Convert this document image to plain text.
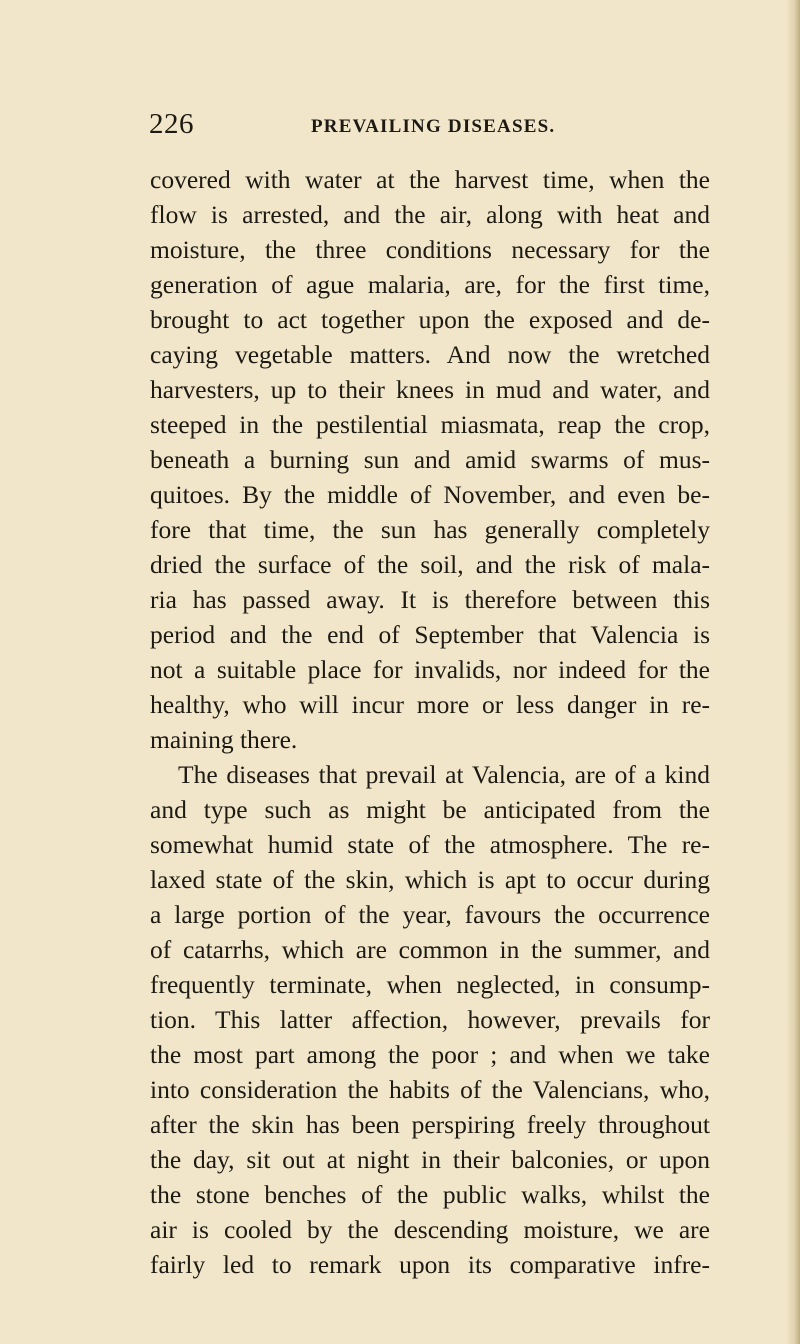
226	PREVAILING DISEASES.
covered with water at the harvest time, when the
flow is arrested, and the air, along with heat and
moisture, the three conditions necessary for the
generation of ague malaria, are, for the first time,
brought to act together upon the exposed and de-
caying vegetable matters. And now the wretched
harvesters, up to their knees in mud and water, and
steeped in the pestilential miasmata, reap the crop,
beneath a burning sun and amid swarms of mus-
quitoes. By the middle of November, and even be-
fore that time, the sun has generally completely
dried the surface of the soil, and the risk of mala-
ria has passed away. It is therefore between this
period and the end of September that Valencia is
not a suitable place for invalids, nor indeed for the
healthy, who will incur more or less danger in re-
maining there.
The diseases that prevail at Valencia, are of a kind
and type such as might be anticipated from the
somewhat humid state of the atmosphere. The re-
laxed state of the skin, which is apt to occur during
a large portion of the year, favours the occurrence
of catarrhs, which are common in the summer, and
frequently terminate, when neglected, in consump-
tion. This latter affection, however, prevails for
the most part among the poor ; and when we take
into consideration the habits of the Valencians, who,
after the skin has been perspiring freely throughout
the day, sit out at night in their balconies, or upon
the stone benches of the public walks, whilst the
air is cooled by the descending moisture, we are
fairly led to remark upon its comparative infre-
